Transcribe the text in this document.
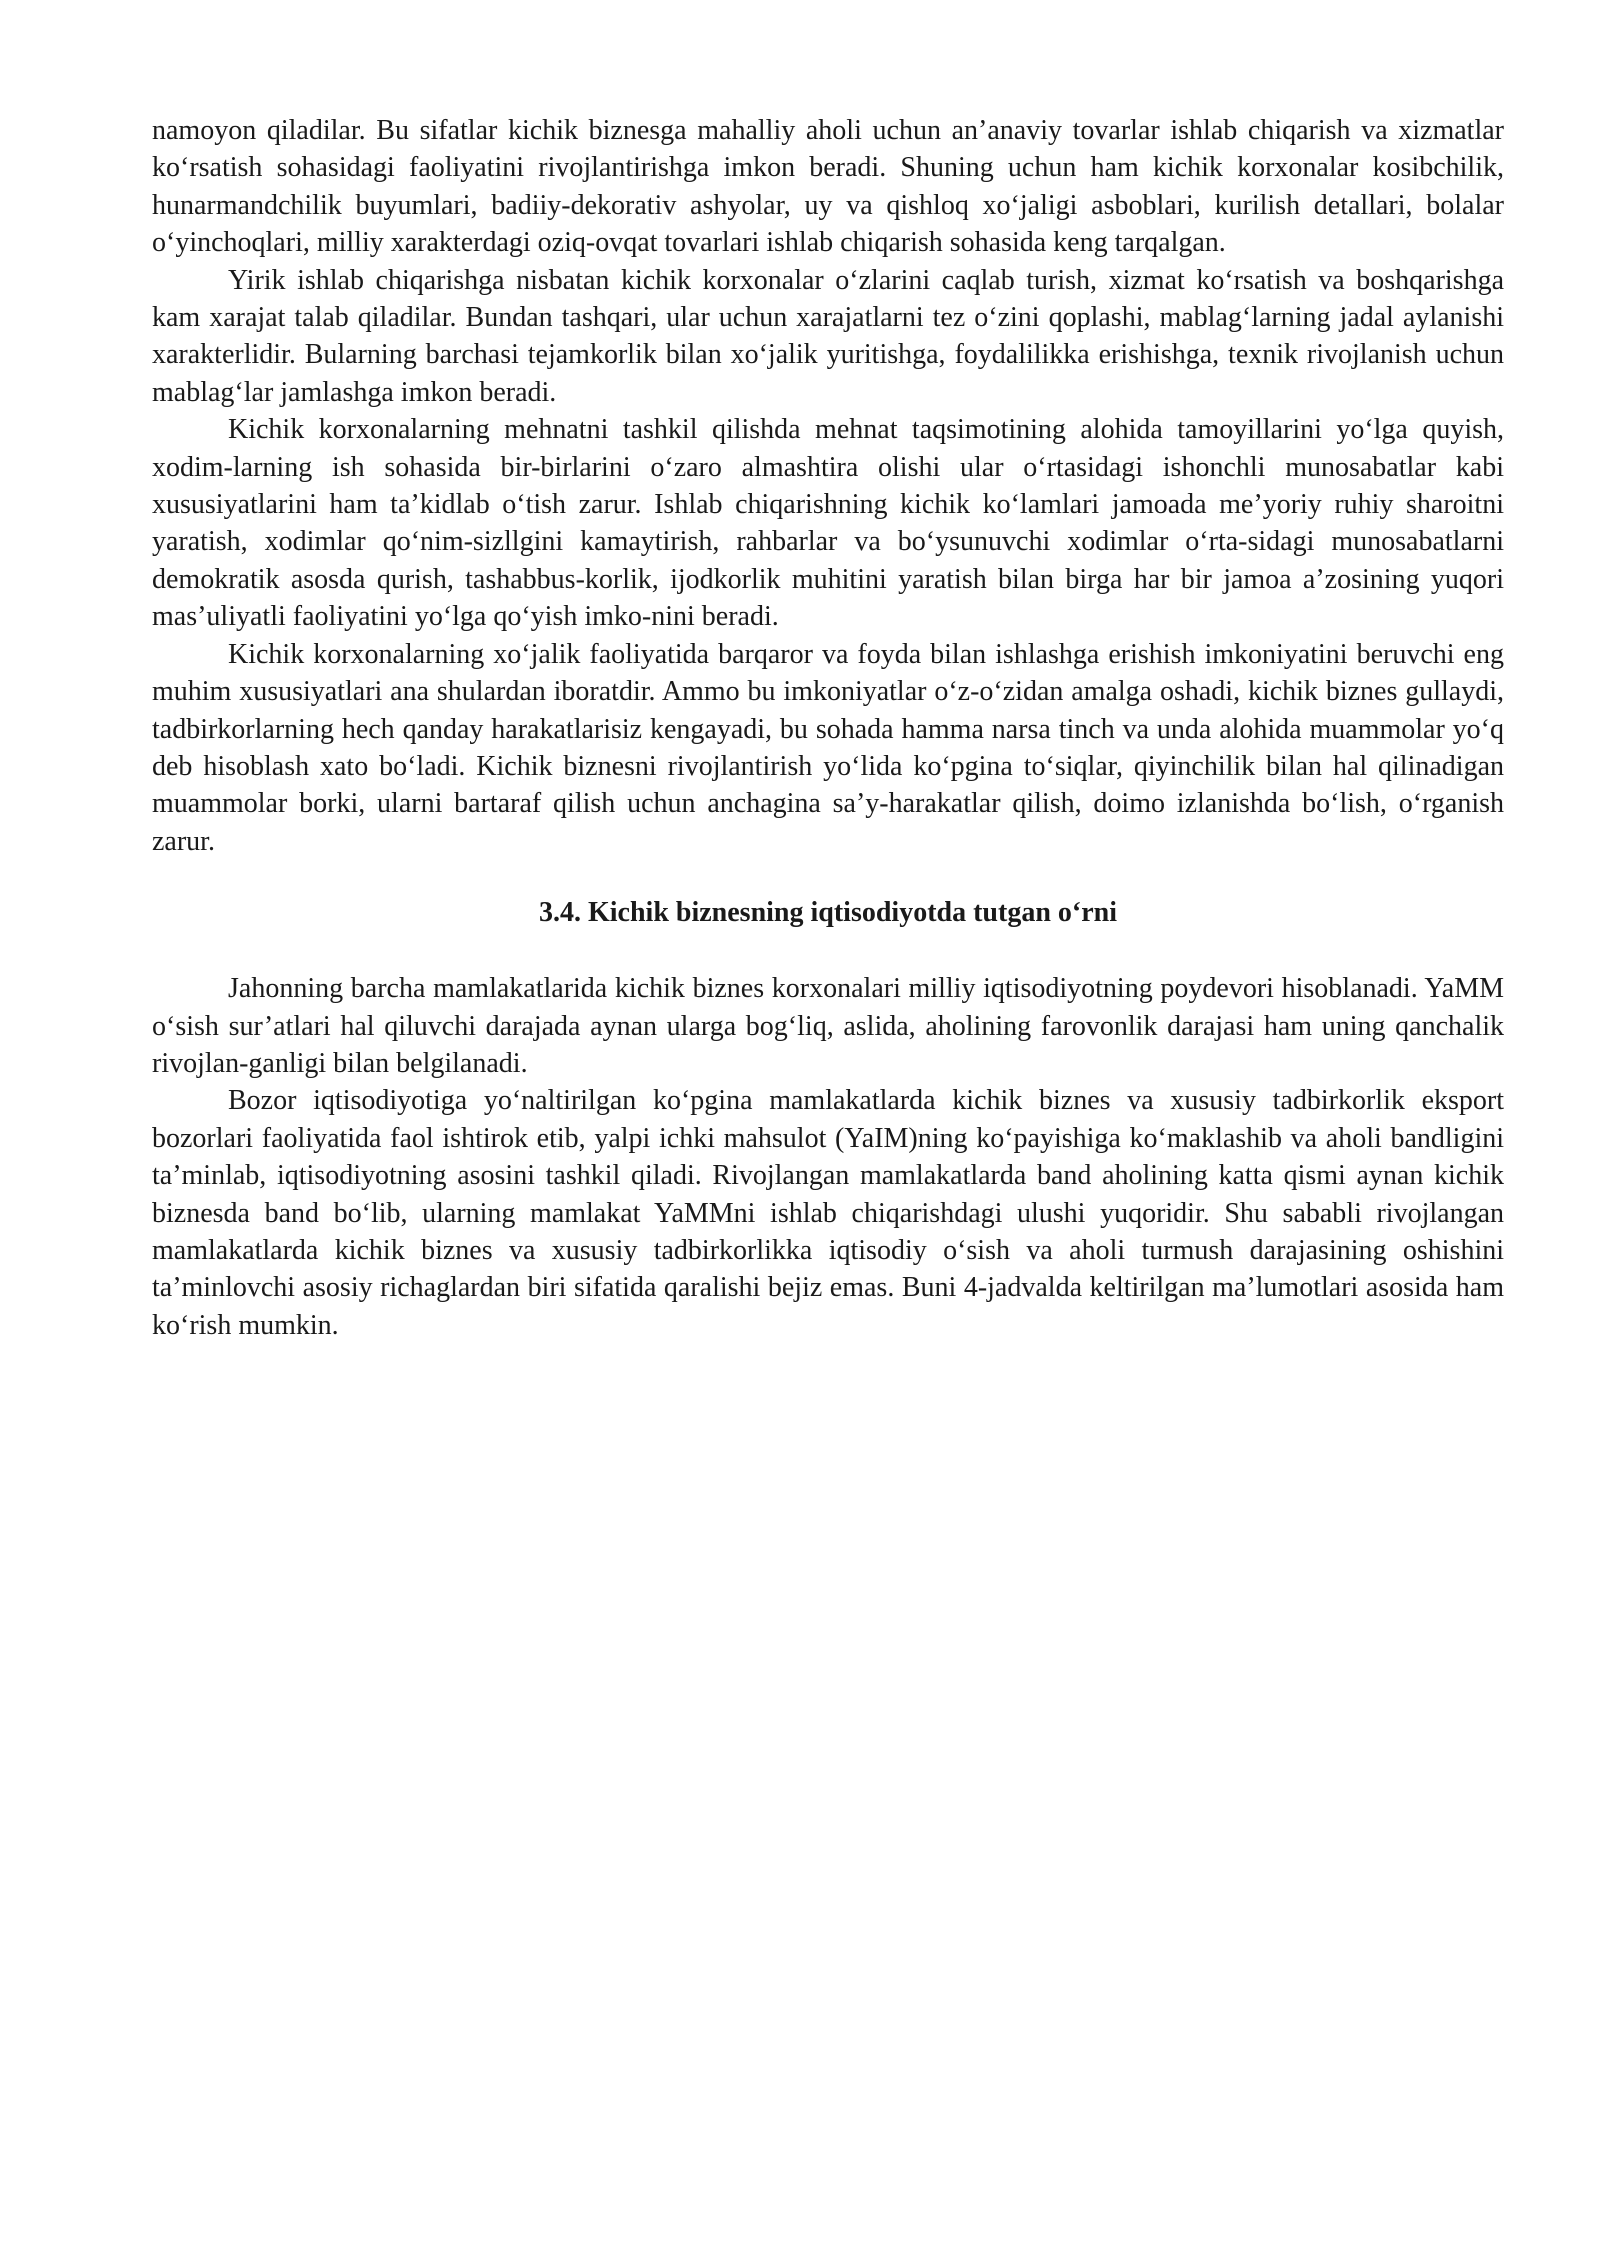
namoyon qiladilar. Bu sifatlar kichik biznesga mahalliy aholi uchun an’anaviy tovarlar ishlab chiqarish va xizmatlar ko‘rsatish sohasidagi faoliyatini rivojlantirishga imkon beradi. Shuning uchun ham kichik korxonalar kosibchilik, hunarmandchilik buyumlari, badiiy-dekorativ ashyolar, uy va qishloq xo‘jaligi asboblari, kurilish detallari, bolalar o‘yinchoqlari, milliy xarakterdagi oziq-ovqat tovarlari ishlab chiqarish sohasida keng tarqalgan.

Yirik ishlab chiqarishga nisbatan kichik korxonalar o‘zlarini caqlab turish, xizmat ko‘rsatish va boshqarishga kam xarajat talab qiladilar. Bundan tashqari, ular uchun xarajatlarni tez o‘zini qoplashi, mablag‘larning jadal aylanishi xarakterlidir. Bularning barchasi tejamkorlik bilan xo‘jalik yuritishga, foydalilikka erishishga, texnik rivojlanish uchun mablag‘lar jamlashga imkon beradi.

Kichik korxonalarning mehnatni tashkil qilishda mehnat taqsimotining alohida tamoyillarini yo‘lga quyish, xodim-larning ish sohasida bir-birlarini o‘zaro almashtira olishi ular o‘rtasidagi ishonchli munosabatlar kabi xususiyatlarini ham ta’kidlab o‘tish zarur. Ishlab chiqarishning kichik ko‘lamlari jamoada me’yoriy ruhiy sharoitni yaratish, xodimlar qo‘nim-sizllgini kamaytirish, rahbarlar va bo‘ysunuvchi xodimlar o‘rta-sidagi munosabatlarni demokratik asosda qurish, tashabbus-korlik, ijodkorlik muhitini yaratish bilan birga har bir jamoa a’zosining yuqori mas’uliyatli faoliyatini yo‘lga qo‘yish imko-nini beradi.

Kichik korxonalarning xo‘jalik faoliyatida barqaror va foyda bilan ishlashga erishish imkoniyatini beruvchi eng muhim xususiyatlari ana shulardan iboratdir. Ammo bu imkoniyatlar o‘z-o‘zidan amalga oshadi, kichik biznes gullaydi, tadbirkorlarning hech qanday harakatlarisiz kengayadi, bu sohada hamma narsa tinch va unda alohida muammolar yo‘q deb hisoblash xato bo‘ladi. Kichik biznesni rivojlantirish yo‘lida ko‘pgina to‘siqlar, qiyinchilik bilan hal qilinadigan muammolar borki, ularni bartaraf qilish uchun anchagina sa’y-harakatlar qilish, doimo izlanishda bo‘lish, o‘rganish zarur.

3.4. Kichik biznesning iqtisodiyotda tutgan o‘rni

Jahonning barcha mamlakatlarida kichik biznes korxonalari milliy iqtisodiyotning poydevori hisoblanadi. YaMM o‘sish sur’atlari hal qiluvchi darajada aynan ularga bog‘liq, aslida, aholining farovonlik darajasi ham uning qanchalik rivojlan-ganligi bilan belgilanadi.

Bozor iqtisodiyotiga yo‘naltirilgan ko‘pgina mamlakatlarda kichik biznes va xususiy tadbirkorlik eksport bozorlari faoliyatida faol ishtirok etib, yalpi ichki mahsulot (YaIM)ning ko‘payishiga ko‘maklashib va aholi bandligini ta’minlab, iqtisodiyotning asosini tashkil qiladi. Rivojlangan mamlakatlarda band aholining katta qismi aynan kichik biznesda band bo‘lib, ularning mamlakat YaMMni ishlab chiqarishdagi ulushi yuqoridir. Shu sababli rivojlangan mamlakatlarda kichik biznes va xususiy tadbirkorlikka iqtisodiy o‘sish va aholi turmush darajasining oshishini ta’minlovchi asosiy richaglardan biri sifatida qaralishi bejiz emas. Buni 4-jadvalda keltirilgan ma’lumotlari asosida ham ko‘rish mumkin.
